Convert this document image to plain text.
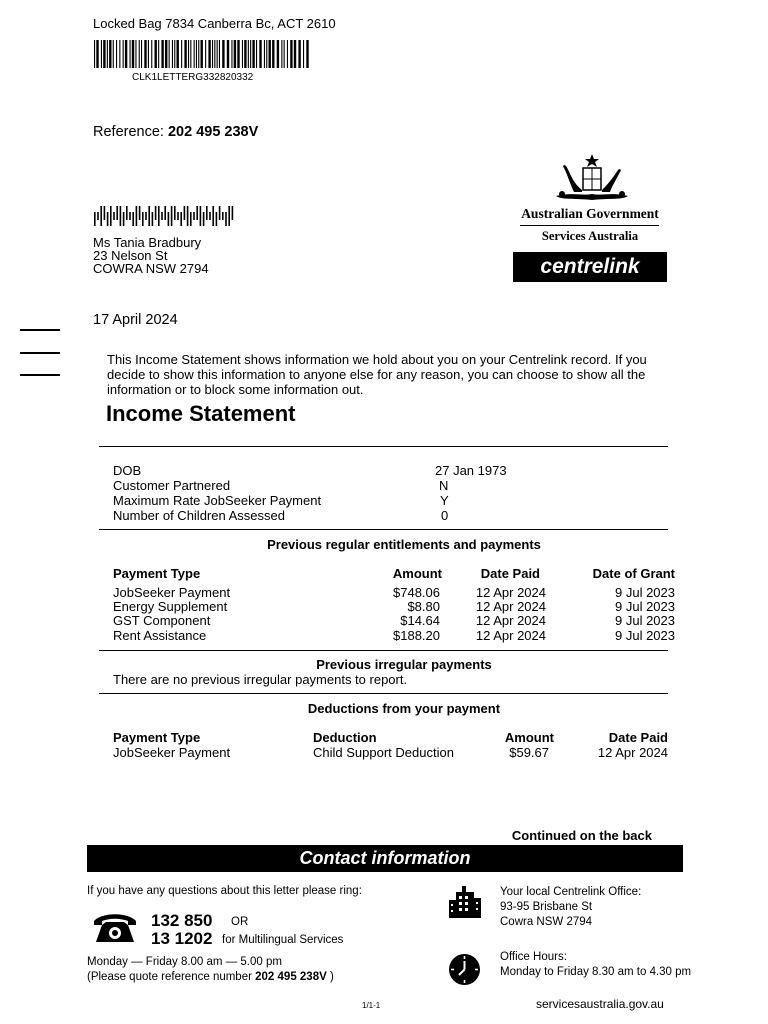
Locked Bag 7834 Canberra Bc, ACT 2610
CLK1LETTERG332820332
Reference: 202 495 238V
Ms Tania Bradbury
23 Nelson St
COWRA NSW 2794
Australian Government
Services Australia
centrelink
17 April 2024
This Income Statement shows information we hold about you on your Centrelink record. If you decide to show this information to anyone else for any reason, you can choose to show all the information or to block some information out.
Income Statement
DOB	27 Jan 1973
Customer Partnered	N
Maximum Rate JobSeeker Payment	Y
Number of Children Assessed	0
Previous regular entitlements and payments
Payment Type	Amount	Date Paid	Date of Grant
JobSeeker Payment	$748.06	12 Apr 2024	9 Jul 2023
Energy Supplement	$8.80	12 Apr 2024	9 Jul 2023
GST Component	$14.64	12 Apr 2024	9 Jul 2023
Rent Assistance	$188.20	12 Apr 2024	9 Jul 2023
Previous irregular payments
There are no previous irregular payments to report.
Deductions from your payment
Payment Type	Deduction	Amount	Date Paid
JobSeeker Payment	Child Support Deduction	$59.67	12 Apr 2024
Continued on the back
Contact information
If you have any questions about this letter please ring:
132 850 OR
13 1202 for Multilingual Services
Monday — Friday 8.00 am — 5.00 pm
(Please quote reference number 202 495 238V )
Your local Centrelink Office:
93-95 Brisbane St
Cowra NSW 2794
Office Hours:
Monday to Friday 8.30 am to 4.30 pm
1/1-1	servicesaustralia.gov.au
